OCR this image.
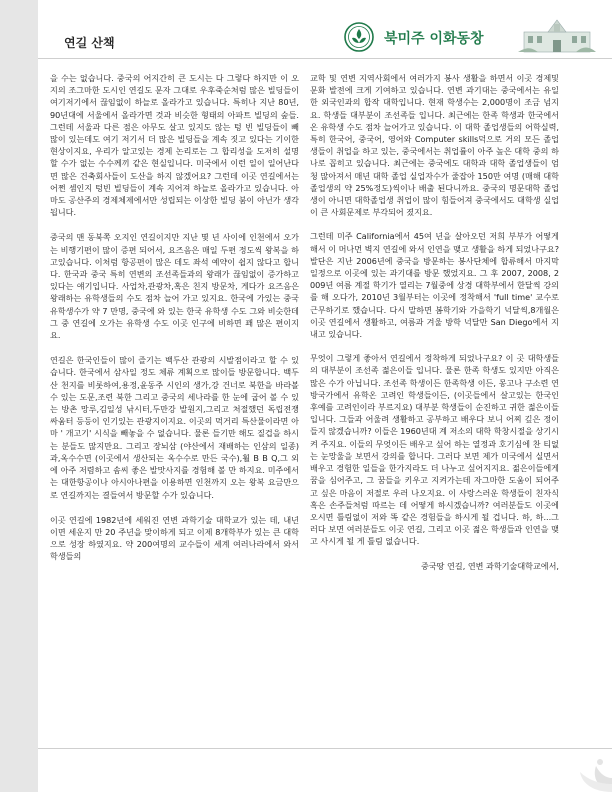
연길 산책	북미주 이화동창

을 수는 없습니다. 중국의 어지간히 큰 도시는 다 그렇다 하지만 이 오지의 조그마한 도시인 연길도 문자 그대로 우후죽순처럼 많은 빌딩들이 여기저기에서 끊임없이 하늘로 올라가고 있습니다. 특히나 지난 80년, 90년대에 서울에서 올라가면 것과 비슷한 형태의 아파트 빌딩의 숲들. 그런데 서울과 다른 점은 아무도 살고 있지도 않는 텅 빈 빌딩들이 빼 많이 있는데도 여기 저기서 더 많은 빌딩들을 계속 짓고 있다는 기이한 현상이지요, 우리가 알고있는 경제 논리로는 그 합리성을 도저히 설명할 수가 없는 수수께끼 같은 현실입니다. 미국에서 이런 일이 일어난다면 많은 건축회사들이 도산을 하지 않겠어요? 그런데 이곳 연길에서는 어쩐 셈인지 텅빈 빌딩들이 계속 지어져 하늘로 올라가고 있습니다. 아마도 공산주의 경제체제에서만 성립되는 이상한 빌딩 붐이 아닌가 생각 됩니다.

중국의 맨 동북쪽 오지인 연길이지만 지난 몇 년 사이에 인천에서 오가는 비행기편이 많이 증편 되어서, 요즈음은 매일 두편 정도씩 왕복을 하고있습니다. 이처럼 항공편이 많은 데도 좌석 예약이 쉽지 않다고 합니다. 한국과 중국 특히 연변의 조선족들과의 왕래가 끊임없이 증가하고 있다는 얘기입니다. 사업차,관광차,혹은 친지 방문차, 게다가 요즈음은 왕래하는 유학생들의 수도 점차 늘어 가고 있지요. 한국에 가있는 중국 유학생수가 약 7 만명, 중국에 와 있는 한국 유학생 수도 그와 비슷한데 그 중 연길에 오가는 유학생 수도 이곳 인구에 비하면 꽤 많은 편이지요.

연길은 한국인들이 많이 즐기는 백두산 관광의 시발점이라고 할 수 있습니다. 한국에서 삼사일 정도 체류 계획으로 많이들 방문합니다. 백두산 천지를 비롯하여,용정,윤동주 시인의 생가,강 건너로 북한을 바라볼 수 있는 도문,조련 북한 그리고 중국의 세나라를 한 눈에 굽어 볼 수 있는 방촌 망루,김일성 낚시터,두만강 발원지,그리고 처절했던 독립전쟁 싸움터 등등이 인기있는 관광지이지요. 이곳의 먹거리 특산물이라면 아마 ' 개고기' 시식을 빼놓을 수 없습니다. 물론 들기만 해도 질겁을 하시는 분들도 많지만요. 그리고 장뇌삼 (야산에서 재배하는 인삼의 일종)과,옥수수면 (이곳에서 생산되는 옥수수로 만든 국수),훨 B B Q,그 외에 아주 저렴하고 솜씨 좋은 발맛사지를 경험해 볼 만 하지요. 미주에서는 대한항공이나 아시아나편을 이용하면 인천까지 오는 왕복 요금만으로 연길까지는 결들여서 방문할 수가 있습니다.

이곳 연길에 1982년에 세워진 연변 과학기술 대학교가 있는 데, 내년이면 세운지 만 20 주년을 맞이하게 되고 이제 8개학부가 있는 큰 대학으로 성장 하였지요. 약 200여명의 교수들이 세계 여러나라에서 와서 학생들의

교학 및 연변 지역사회에서 여러가지 봉사 생활을 하면서 이곳 경제및 문화 발전에 크게 기여하고 있습니다. 연변 과기대는 중국에서는 유일한 외국인과의 합작 대학입니다. 현재 학생수는 2,000명이 조금 넘지요. 학생들 대부분이 조선족들 입니다. 최근에는 한족 학생과 한국에서 온 유학생 수도 점차 늘어가고 있습니다. 이 대학 졸업생들의 어학실력, 특히 한국어, 중국어, 영어와 Computer skills덕으로 거의 모든 졸업생들이 취업을 하고 있는, 중국에서는 취업률이 아주 높은 대학 중의 하나로 꼽히고 있습니다. 최근에는 중국에도 대학과 대학 졸업생들이 엄청 많아져서 매년 대학 졸업 실업자수가 줄잡아 150만 여명 (매해 대학 졸업생의 약 25%정도)씩이나 배출 된다니까요. 중국의 명문대학 졸업생이 아니면 대학졸업생 취업이 많이 힘들어져 중국에서도 대학생 실업이 큰 사회문제로 부각되어 졌지요.

그런데 미주 California에서 45여 년을 살아오던 저희 부부가 어떻게 해서 이 머나먼 벽지 연길에 와서 인연을 맺고 생활을 하게 되었나구요? 발단은 지난 2006년에 중국을 방문하는 봉사단체에 합류해서 마지막 일정으로 이곳에 있는 과기대를 방문 했었지요. 그 후 2007, 2008, 2009년 여름 계절 학기가 열리는 7월중에 상경 대학부에서 한달씩 강의를 해 오다가, 2010년 3월부터는 이곳에 정착해서 'full time' 교수로 근무하기로 했습니다. 다시 말하면 봄학기와 가을학기 넉달씩,8개월은 이곳 연길에서 생활하고, 여름과 겨울 방학 넉달만 San Diego에서 지내고 있습니다.

무엇이 그렇게 좋아서 연길에서 정착하게 되었나구요? 이 곳 대학생들의 대부분이 조선족 젊은이들 입니다. 물론 한족 학생도 있지만 아직은 많은 수가 아닙니다. 조선족 학생이든 한족학생 이든, 몽고나 구소련 연방국가에서 유학온 고려인 학생들이든, (이곳들에서 살고있는 한국인 후예를 고려인이라 부르지요) 대부분 학생들이 순진하고 귀한 젊은이들 입니다. 그들과 어울려 생활하고 공부하고 배우다 보니 어찌 깊은 정이 들지 않겠습니까? 이들은 1960년대 계 저소의 대학 학창시절을 상기시켜 주지요. 이들의 무엇이든 배우고 싶어 하는 열정과 호기심에 찬 티없는 눈망울을 보면서 강의를 합니다. 그러다 보면 제가 미국에서 실면서 배우고 경험한 일들을 한가지라도 더 나누고 싶어지지요. 젊은이들에게 꿈을 심어주고, 그 꿈들을 키우고 지켜가는데 자그마한 도움이 되어주고 싶은 마음이 저절로 우러 나오지요. 이 사랑스러운 학생들이 친자식 혹은 손주들처럼 따르는 데 어떻게 하시겠습니까? 여러분들도 이곳에 오시면 틀림없이 저와 똑 같은 경험들을 하시게 될 겁니다. 하, 하...그러다 보면 여러분들도 이곳 연길, 그리고 이곳 젊은 학생들과 인연을 맺고 사시게 될 게 틀림 없습니다.

중국땅 연길, 연변 과학기술대학교에서,
